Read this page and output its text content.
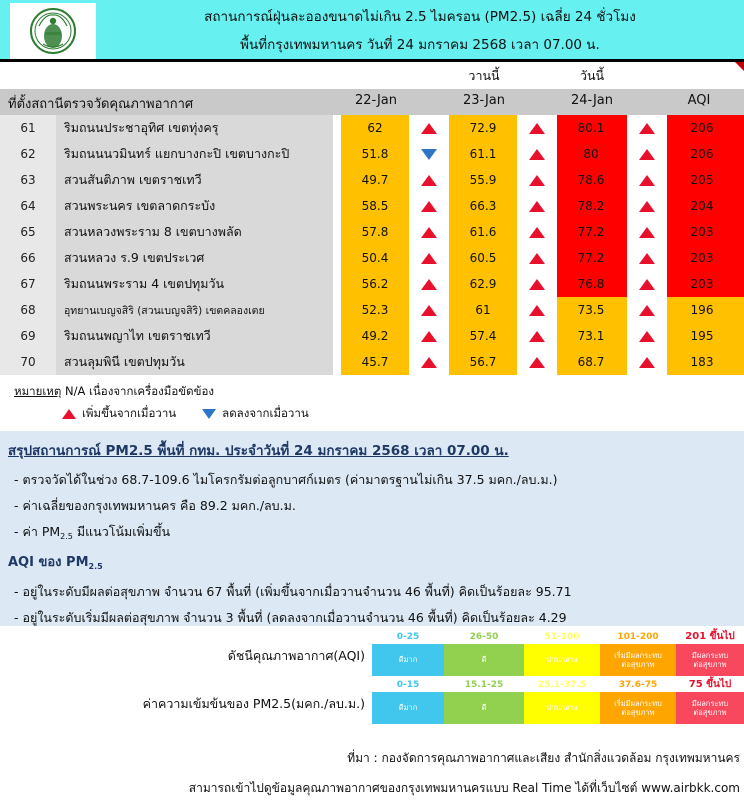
สถานการณ์ฝุ่นละอองขนาดไม่เกิน 2.5 ไมครอน (PM2.5) เฉลี่ย 24 ชั่วโมง
พื้นที่กรุงเทพมหานคร วันที่ 24 มกราคม 2568 เวลา 07.00 น.
วานนี้	วันนี้
ที่ตั้งสถานีตรวจวัดคุณภาพอากาศ	22-Jan	23-Jan	24-Jan	AQI
61	ริมถนนประชาอุทิศ เขตทุ่งครุ	62	72.9	80.1	206
62	ริมถนนนวมินทร์ แยกบางกะปิ เขตบางกะปิ	51.8	61.1	80	206
63	สวนสันติภาพ เขตราชเทวี	49.7	55.9	78.6	205
64	สวนพระนคร เขตลาดกระบัง	58.5	66.3	78.2	204
65	สวนหลวงพระราม 8 เขตบางพลัด	57.8	61.6	77.2	203
66	สวนหลวง ร.9 เขตประเวศ	50.4	60.5	77.2	203
67	ริมถนนพระราม 4 เขตปทุมวัน	56.2	62.9	76.8	203
68	อุทยานเบญจสิริ (สวนเบญจสิริ) เขตคลองเตย	52.3	61	73.5	196
69	ริมถนนพญาไท เขตราชเทวี	49.2	57.4	73.1	195
70	สวนลุมพินี เขตปทุมวัน	45.7	56.7	68.7	183
หมายเหตุ N/A เนื่องจากเครื่องมือขัดข้อง
เพิ่มขึ้นจากเมื่อวาน	ลดลงจากเมื่อวาน
สรุปสถานการณ์ PM2.5 พื้นที่ กทม. ประจำวันที่ 24 มกราคม 2568 เวลา 07.00 น.
- ตรวจวัดได้ในช่วง 68.7-109.6 ไมโครกรัมต่อลูกบาศก์เมตร (ค่ามาตรฐานไม่เกิน 37.5 มคก./ลบ.ม.)
- ค่าเฉลี่ยของกรุงเทพมหานคร คือ 89.2 มคก./ลบ.ม.
- ค่า $PM_{2.5}$ มีแนวโน้มเพิ่มขึ้น
AQI ของ $PM_{2.5}$
- อยู่ในระดับมีผลต่อสุขภาพ จำนวน 67 พื้นที่ (เพิ่มขึ้นจากเมื่อวานจำนวน 46 พื้นที่) คิดเป็นร้อยละ 95.71
- อยู่ในระดับเริ่มมีผลต่อสุขภาพ จำนวน 3 พื้นที่ (ลดลงจากเมื่อวานจำนวน 46 พื้นที่) คิดเป็นร้อยละ 4.29
ดัชนีคุณภาพอากาศ(AQI)
0-25
ดีมาก
26-50
ดี
51-100
ปานกลาง
101-200
เริ่มมีผลกระทบ
ต่อสุขภาพ
201 ขึ้นไป
มีผลกระทบ
ต่อสุขภาพ
ค่าความเข้มข้นของ PM2.5(มคก./ลบ.ม.)
0-15
ดีมาก
15.1-25
ดี
25.1-37.5
ปานกลาง
37.6-75
เริ่มมีผลกระทบ
ต่อสุขภาพ
75 ขึ้นไป
มีผลกระทบ
ต่อสุขภาพ
ที่มา : กองจัดการคุณภาพอากาศและเสียง สำนักสิ่งแวดล้อม กรุงเทพมหานคร
สามารถเข้าไปดูข้อมูลคุณภาพอากาศของกรุงเทพมหานครแบบ Real Time ได้ที่เว็บไซต์ www.airbkk.com
